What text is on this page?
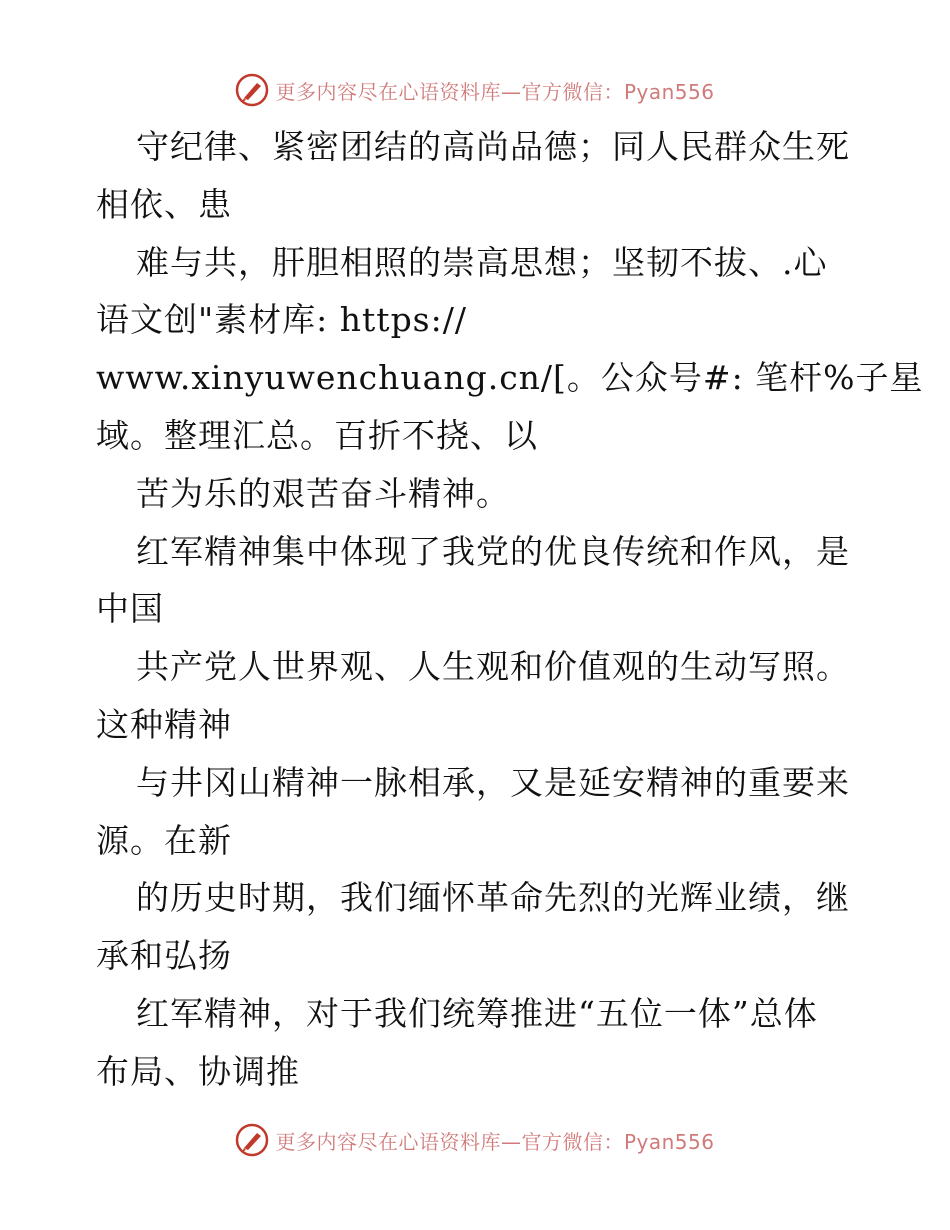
更多内容尽在心语资料库—官方微信：Pyan556
守纪律、紧密团结的高尚品德；同人民群众生死
相依、患
难与共，肝胆相照的崇高思想；坚韧不拔、.心
语文创"素材库: https://
www.xinyuwenchuang.cn/[。公众号#: 笔杆%子星
域。整理汇总。百折不挠、以
苦为乐的艰苦奋斗精神。
红军精神集中体现了我党的优良传统和作风，是
中国
共产党人世界观、人生观和价值观的生动写照。
这种精神
与井冈山精神一脉相承，又是延安精神的重要来
源。在新
的历史时期，我们缅怀革命先烈的光辉业绩，继
承和弘扬
红军精神，对于我们统筹推进“五位一体”总体
布局、协调推
更多内容尽在心语资料库—官方微信：Pyan556
